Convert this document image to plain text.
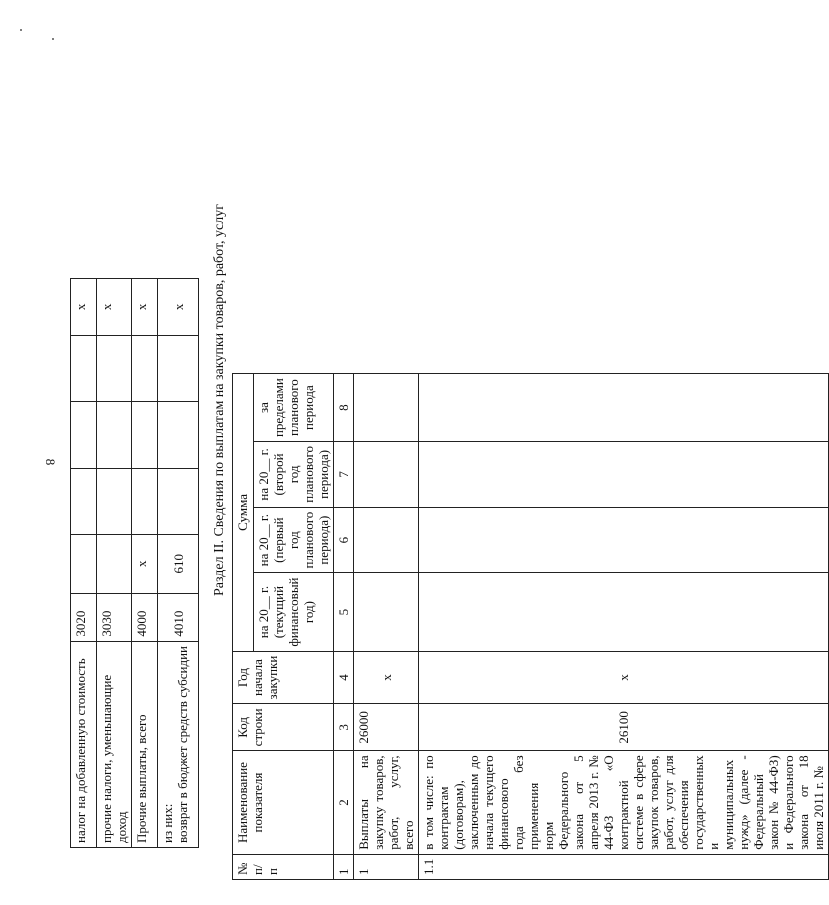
8
налог на добавленную стоимость	3020					x
прочие налоги, уменьшающие доход	3030					x
Прочие выплаты, всего	4000	x				x
из них:
возврат в бюджет средств субсидии	4010	610				x Раздел II. Сведения по выплатам на закупки товаров, работ, услуг
№ п/п	Наименование показателя	Код строки	Год начала закупки	Сумма			
				на 20__ г. (текущий финансовый год)	на 20__ г. (первый год планового периода)	на 20__ г. (второй год планового периода)	за пределами планового периода
1	2	3	4	5	6	7	8
1	Выплаты на закупку товаров, работ, услуг, всего	26000	x				
1.1	в том числе: по контрактам (договорам), заключенным до начала текущего финансового года без применения норм Федерального закона от 5 апреля 2013 г. № 44-ФЗ «О контрактной системе в сфере закупок товаров, работ, услуг для обеспечения государственных и муниципальных нужд» (далее - Федеральный закон № 44-ФЗ) и Федерального закона от 18 июля 2011 г. №	26100	x				
